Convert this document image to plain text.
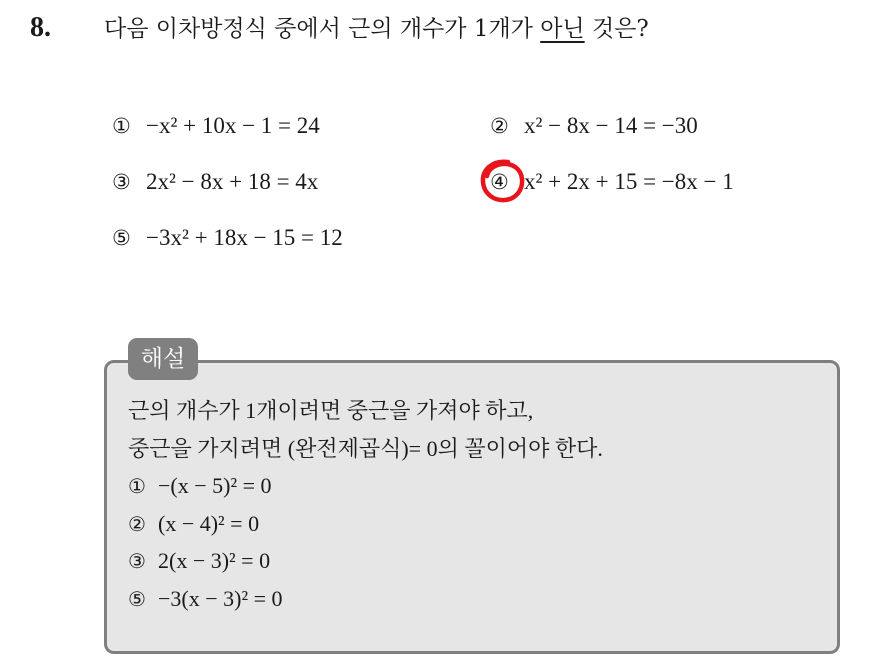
8. 다음 이차방정식 중에서 근의 개수가 1개가 아닌 것은?
① −x² + 10x − 1 = 24	② x² − 8x − 14 = −30
③ 2x² − 8x + 18 = 4x	④ x² + 2x + 15 = −8x − 1
⑤ −3x² + 18x − 15 = 12
해설
근의 개수가 1개이려면 중근을 가져야 하고,
중근을 가지려면 (완전제곱식)= 0의 꼴이어야 한다.
① −(x − 5)² = 0
② (x − 4)² = 0
③ 2(x − 3)² = 0
⑤ −3(x − 3)² = 0
